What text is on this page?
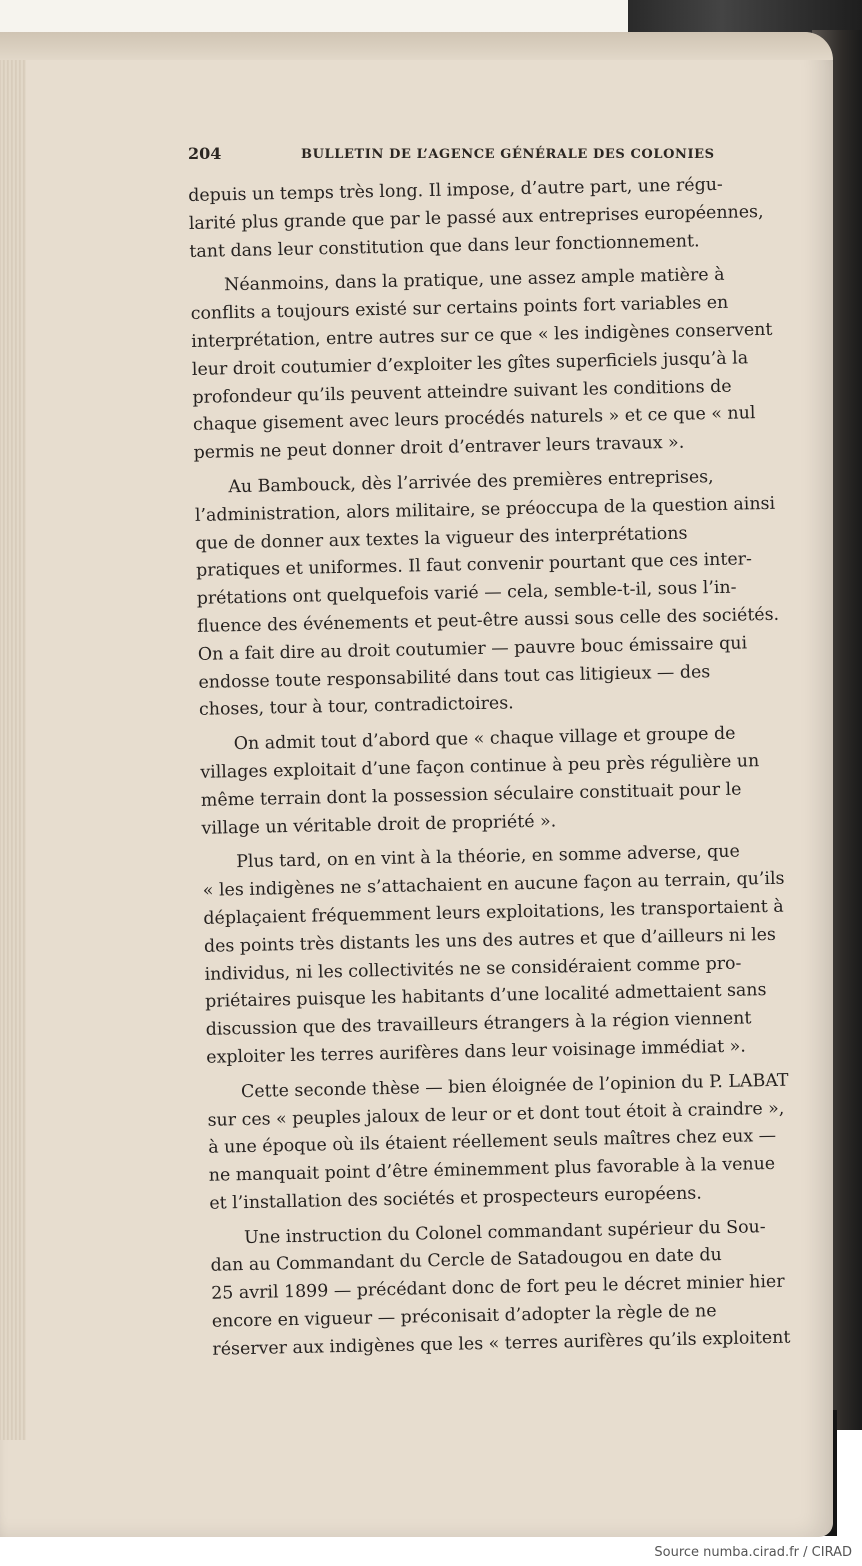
204	BULLETIN DE L’AGENCE GÉNÉRALE DES COLONIES
depuis un temps très long. Il impose, d’autre part, une régu-
larité plus grande que par le passé aux entreprises européennes,
tant dans leur constitution que dans leur fonctionnement.
Néanmoins, dans la pratique, une assez ample matière à
conflits a toujours existé sur certains points fort variables en
interprétation, entre autres sur ce que « les indigènes conservent
leur droit coutumier d’exploiter les gîtes superficiels jusqu’à la
profondeur qu’ils peuvent atteindre suivant les conditions de
chaque gisement avec leurs procédés naturels » et ce que « nul
permis ne peut donner droit d’entraver leurs travaux ».
Au Bambouck, dès l’arrivée des premières entreprises,
l’administration, alors militaire, se préoccupa de la question ainsi
que de donner aux textes la vigueur des interprétations
pratiques et uniformes. Il faut convenir pourtant que ces inter-
prétations ont quelquefois varié — cela, semble-t-il, sous l’in-
fluence des événements et peut-être aussi sous celle des sociétés.
On a fait dire au droit coutumier — pauvre bouc émissaire qui
endosse toute responsabilité dans tout cas litigieux — des
choses, tour à tour, contradictoires.
On admit tout d’abord que « chaque village et groupe de
villages exploitait d’une façon continue à peu près régulière un
même terrain dont la possession séculaire constituait pour le
village un véritable droit de propriété ».
Plus tard, on en vint à la théorie, en somme adverse, que
« les indigènes ne s’attachaient en aucune façon au terrain, qu’ils
déplaçaient fréquemment leurs exploitations, les transportaient à
des points très distants les uns des autres et que d’ailleurs ni les
individus, ni les collectivités ne se considéraient comme pro-
priétaires puisque les habitants d’une localité admettaient sans
discussion que des travailleurs étrangers à la région viennent
exploiter les terres aurifères dans leur voisinage immédiat ».
Cette seconde thèse — bien éloignée de l’opinion du P. LABAT
sur ces « peuples jaloux de leur or et dont tout étoit à craindre »,
à une époque où ils étaient réellement seuls maîtres chez eux —
ne manquait point d’être éminemment plus favorable à la venue
et l’installation des sociétés et prospecteurs européens.
Une instruction du Colonel commandant supérieur du Sou-
dan au Commandant du Cercle de Satadougou en date du
25 avril 1899 — précédant donc de fort peu le décret minier hier
encore en vigueur — préconisait d’adopter la règle de ne
réserver aux indigènes que les « terres aurifères qu’ils exploitent
Source numba.cirad.fr / CIRAD
